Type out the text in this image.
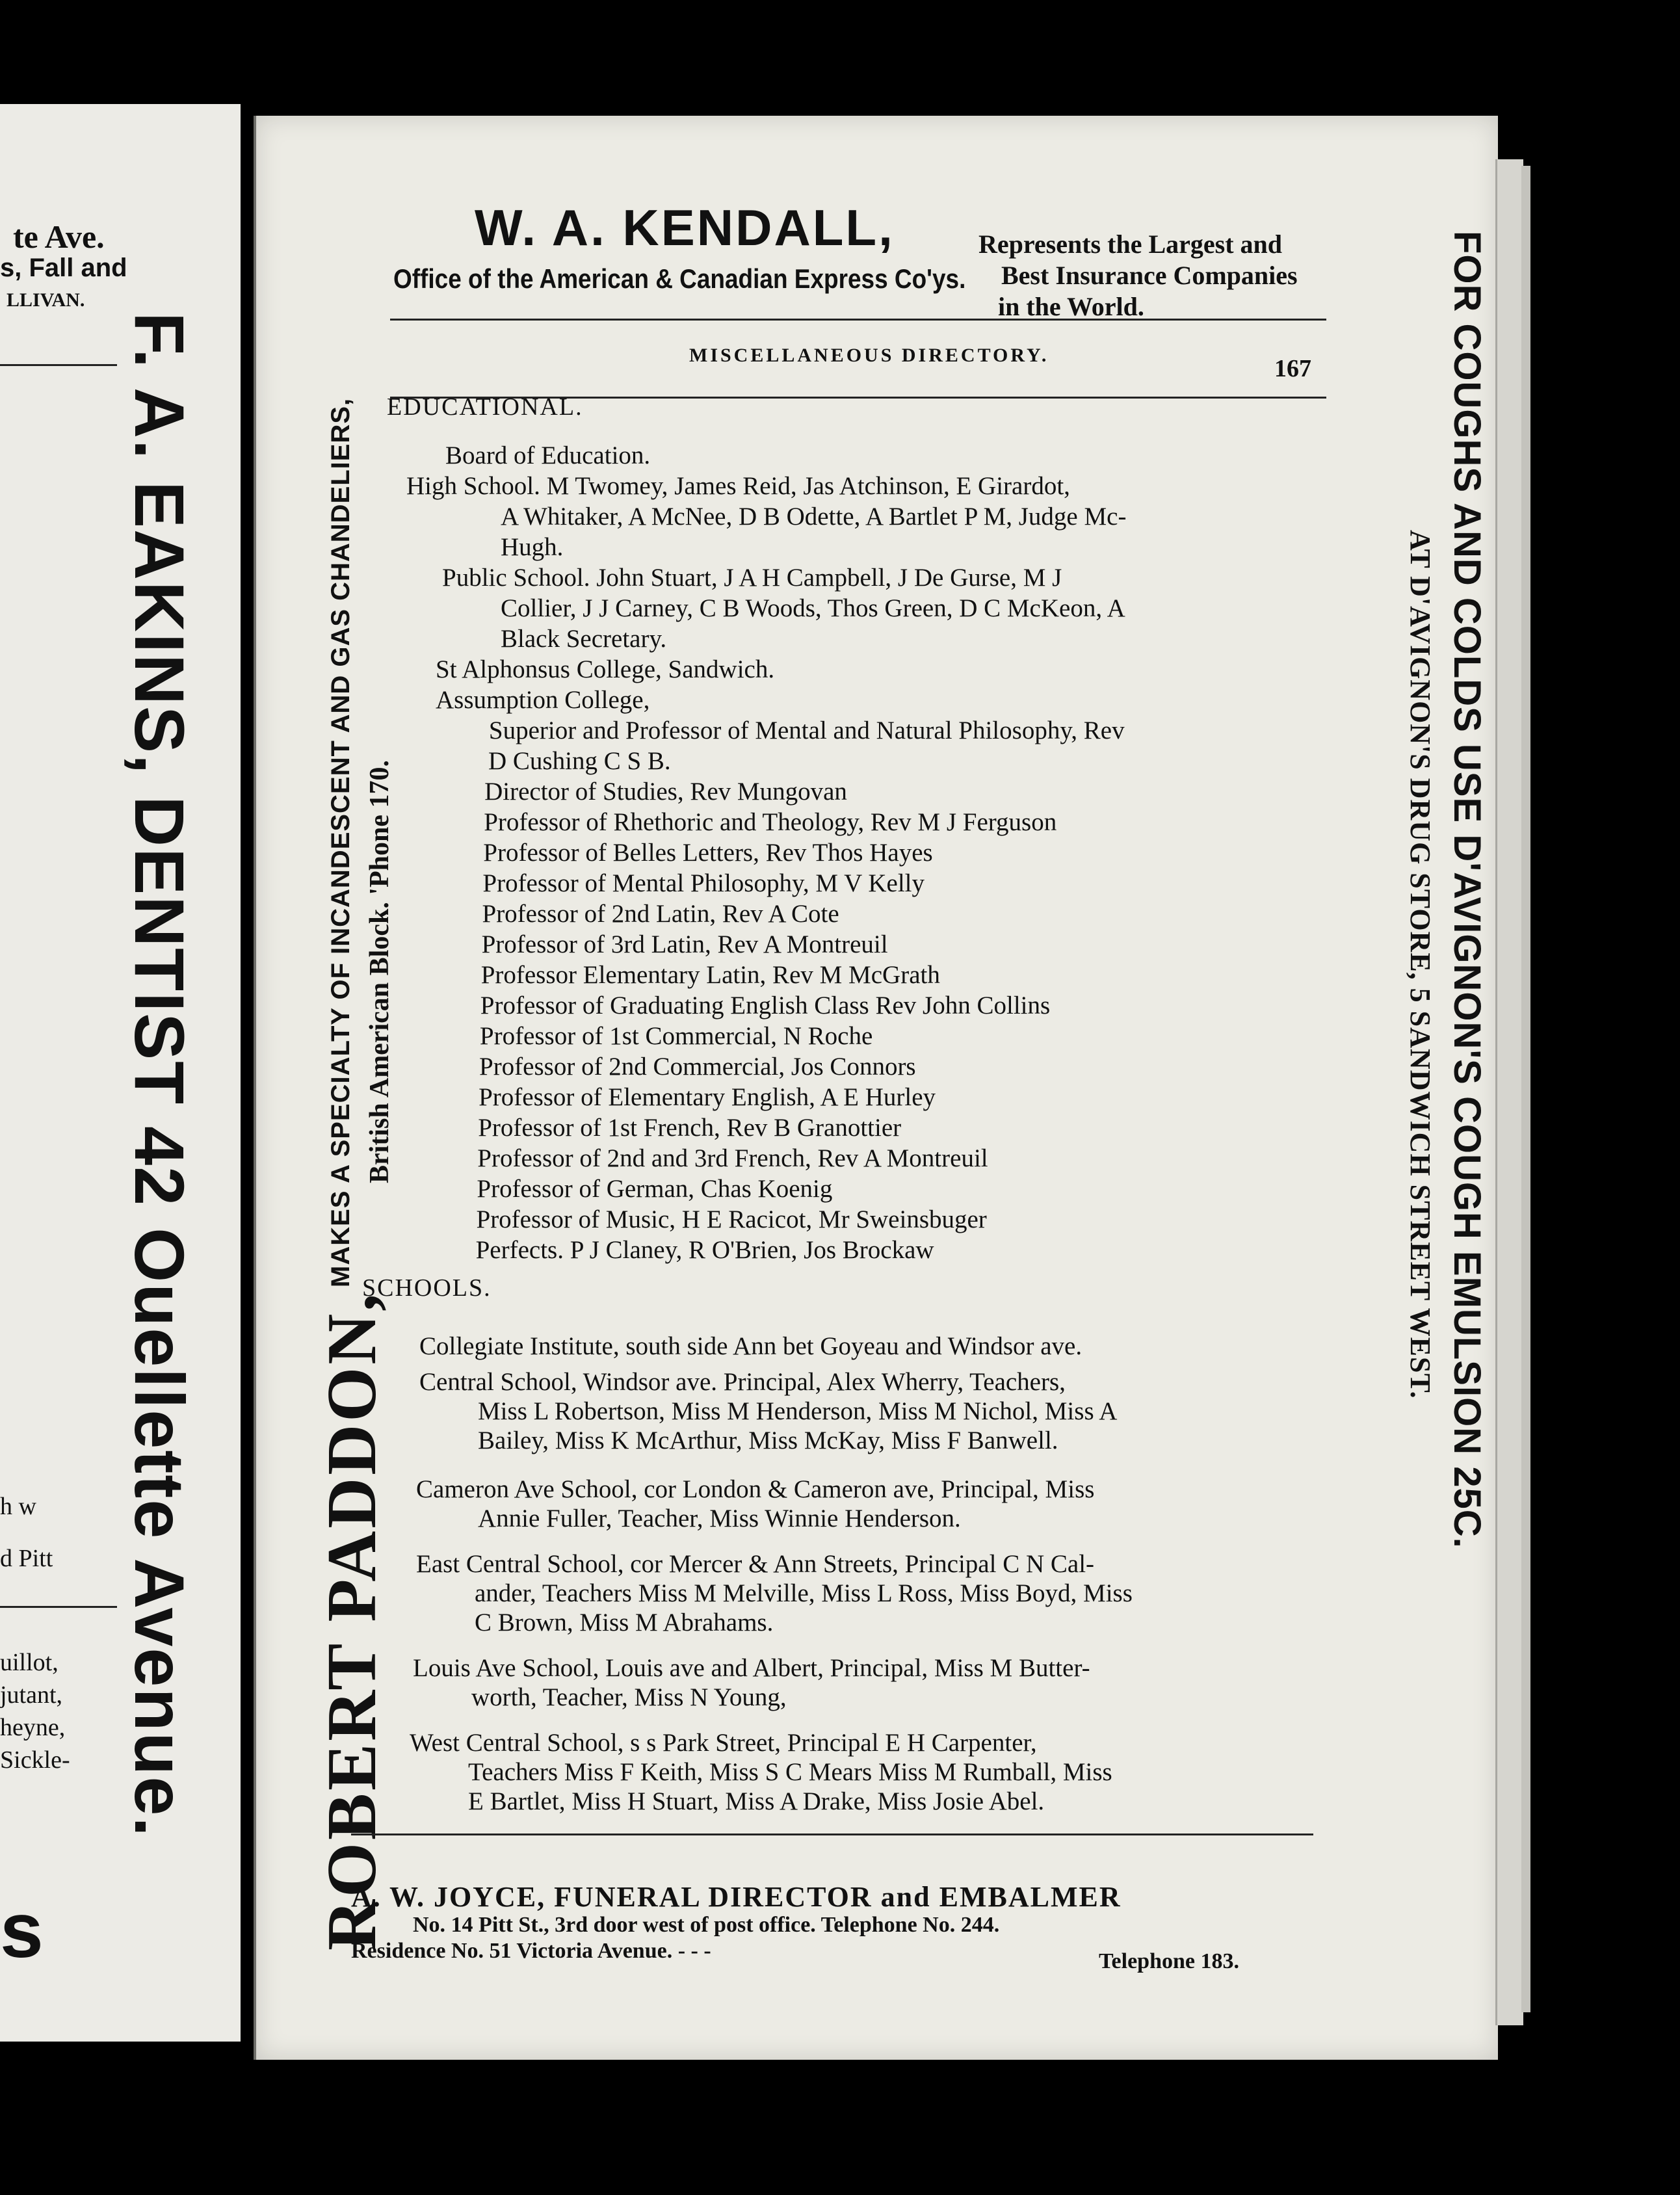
te Ave.
s, Fall and
LLIVAN.
h w
d Pitt
uillot,
jutant,
heyne,
Sickle-
s
F. A. EAKINS, DENTIST 42 Ouellette Avenue.
W. A. KENDALL,
Office of the American & Canadian Express Co'ys.
Represents the Largest and
Best Insurance Companies
in the World.
MISCELLANEOUS DIRECTORY.	167
EDUCATIONAL.
Board of Education.
High School. M Twomey, James Reid, Jas Atchinson, E Girardot,
A Whitaker, A McNee, D B Odette, A Bartlet P M, Judge Mc-
Hugh.
Public School. John Stuart, J A H Campbell, J De Gurse, M J
Collier, J J Carney, C B Woods, Thos Green, D C McKeon, A
Black Secretary.
St Alphonsus College, Sandwich.
Assumption College,
Superior and Professor of Mental and Natural Philosophy, Rev
D Cushing C S B.
Director of Studies, Rev Mungovan
Professor of Rhethoric and Theology, Rev M J Ferguson
Professor of Belles Letters, Rev Thos Hayes
Professor of Mental Philosophy, M V Kelly
Professor of 2nd Latin, Rev A Cote
Professor of 3rd Latin, Rev A Montreuil
Professor Elementary Latin, Rev M McGrath
Professor of Graduating English Class Rev John Collins
Professor of 1st Commercial, N Roche
Professor of 2nd Commercial, Jos Connors
Professor of Elementary English, A E Hurley
Professor of 1st French, Rev B Granottier
Professor of 2nd and 3rd French, Rev A Montreuil
Professor of German, Chas Koenig
Professor of Music, H E Racicot, Mr Sweinsbuger
Perfects. P J Claney, R O'Brien, Jos Brockaw
SCHOOLS.
Collegiate Institute, south side Ann bet Goyeau and Windsor ave.
Central School, Windsor ave. Principal, Alex Wherry, Teachers,
Miss L Robertson, Miss M Henderson, Miss M Nichol, Miss A
Bailey, Miss K McArthur, Miss McKay, Miss F Banwell.
Cameron Ave School, cor London & Cameron ave, Principal, Miss
Annie Fuller, Teacher, Miss Winnie Henderson.
East Central School, cor Mercer & Ann Streets, Principal C N Cal-
ander, Teachers Miss M Melville, Miss L Ross, Miss Boyd, Miss
C Brown, Miss M Abrahams.
Louis Ave School, Louis ave and Albert, Principal, Miss M Butter-
worth, Teacher, Miss N Young,
West Central School, s s Park Street, Principal E H Carpenter,
Teachers Miss F Keith, Miss S C Mears Miss M Rumball, Miss
E Bartlet, Miss H Stuart, Miss A Drake, Miss Josie Abel.
ROBERT PADDON,
MAKES A SPECIALTY OF INCANDESCENT AND GAS CHANDELIERS, British American Block. 'Phone 170.	FOR COUGHS AND COLDS USE D'AVIGNON'S COUGH EMULSION 25C.
AT D'AVIGNON'S DRUG STORE, 5 SANDWICH STREET WEST.
A. W. JOYCE, FUNERAL DIRECTOR and EMBALMER
No. 14 Pitt St., 3rd door west of post office. Telephone No. 244.
Residence No. 51 Victoria Avenue. - - -	Telephone 183.
